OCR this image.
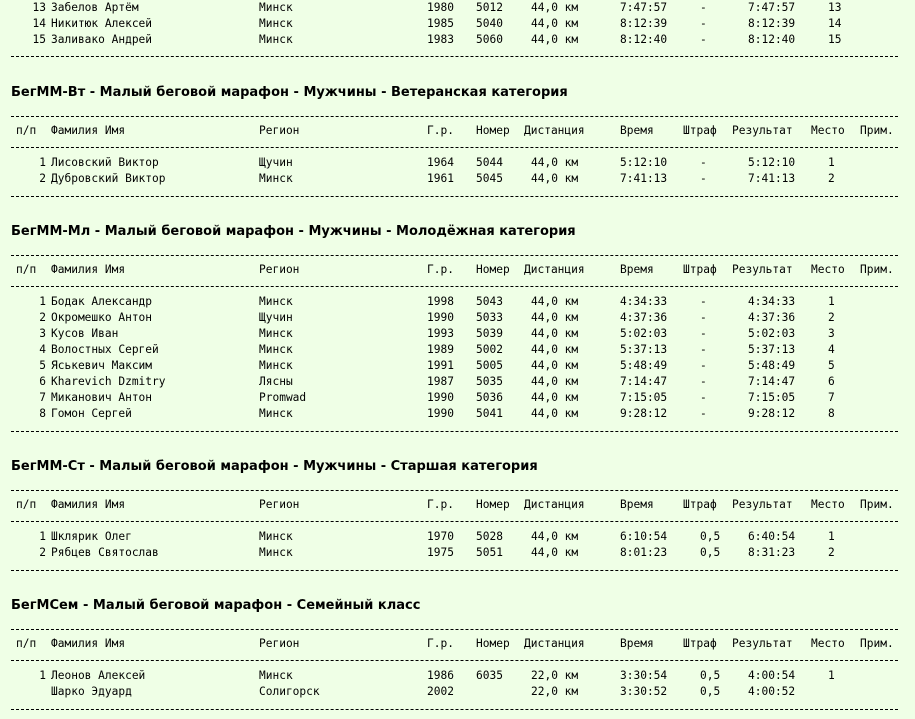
13 Забелов Артём	Минск	1980 5012	44,0 км	7:47:57	-	7:47:57	13
14 Никитюк Алексей	Минск	1985 5040	44,0 км	8:12:39	-	8:12:39	14
15 Заливако Андрей	Минск	1983 5060	44,0 км	8:12:40	-	8:12:40	15
БегММ-Вт - Малый беговой марафон - Мужчины - Ветеранская категория
п/п Фамилия Имя	Регион	Г.р. Номер Дистанция	Время	Штраф Результат Место Прим.
1 Лисовский Виктор	Щучин	1964 5044	44,0 км	5:12:10	-	5:12:10	1
2 Дубровский Виктор	Минск	1961 5045	44,0 км	7:41:13	-	7:41:13	2
БегММ-Мл - Малый беговой марафон - Мужчины - Молодёжная категория
п/п Фамилия Имя	Регион	Г.р. Номер Дистанция	Время	Штраф Результат Место Прим.
1 Бодак Александр	Минск	1998 5043	44,0 км	4:34:33	-	4:34:33	1
2 Окромешко Антон	Щучин	1990 5033	44,0 км	4:37:36	-	4:37:36	2
3 Кусов Иван	Минск	1993 5039	44,0 км	5:02:03	-	5:02:03	3
4 Волостных Сергей	Минск	1989 5002	44,0 км	5:37:13	-	5:37:13	4
5 Яськевич Максим	Минск	1991 5005	44,0 км	5:48:49	-	5:48:49	5
6 Kharevich Dzmitry	Лясны	1987 5035	44,0 км	7:14:47	-	7:14:47	6
7 Миканович Антон	Promwad	1990 5036	44,0 км	7:15:05	-	7:15:05	7
8 Гомон Сергей	Минск	1990 5041	44,0 км	9:28:12	-	9:28:12	8
БегММ-Ст - Малый беговой марафон - Мужчины - Старшая категория
п/п Фамилия Имя	Регион	Г.р. Номер Дистанция	Время	Штраф Результат Место Прим.
1 Шклярик Олег	Минск	1970 5028	44,0 км	6:10:54	0,5 6:40:54	1
2 Рябцев Святослав	Минск	1975 5051	44,0 км	8:01:23	0,5 8:31:23	2
БегМСем - Малый беговой марафон - Семейный класс
п/п Фамилия Имя	Регион	Г.р. Номер Дистанция	Время	Штраф Результат Место Прим.
1 Леонов Алексей	Минск	1986 6035	22,0 км	3:30:54	0,5 4:00:54	1
Шарко Эдуард	Солигорск	2002	22,0 км	3:30:52	0,5 4:00:52
